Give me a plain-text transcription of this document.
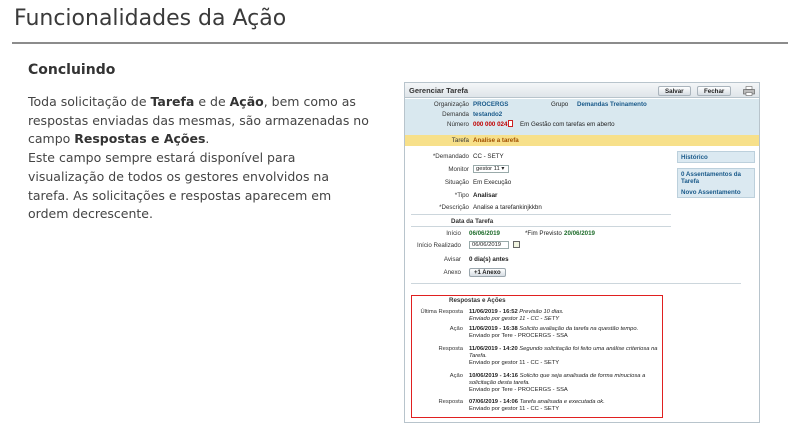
Funcionalidades da Ação
Concluindo
Toda solicitação de Tarefa e de Ação, bem como as respostas enviadas das mesmas, são armazenadas no campo Respostas e Ações.
Este campo sempre estará disponível para visualização de todos os gestores envolvidos na tarefa. As solicitações e respostas aparecem em ordem decrescente.
Gerenciar Tarefa	Salvar	Fechar
Organização PROCERGS	Grupo Demandas Treinamento
Demanda testando2
Número 000 000 024 Em Gestão com tarefas em aberto
Tarefa Analise a tarefa
*Demandado CC - SETY
Monitor	gestor 11 ▾
Situação Em Execução
*Tipo Analisar
*Descrição Analise a tarefankinjkkbn
Histórico
0 Assentamentos da Tarefa
Novo Assentamento
Data da Tarefa
Início 06/06/2019	*Fim Previsto 20/06/2019
Início Realizado	06/06/2019
Avisar 0 dia(s) antes
Anexo	+1 Anexo
Respostas e Ações
Última Resposta 11/06/2019 - 16:52 Previsão 10 dias.
Enviado por gestor 11 - CC - SETY
Ação 11/06/2019 - 16:38 Solicito avaliação da tarefa na questão tempo.
Enviado por Tere - PROCERGS - SSA
Resposta 11/06/2019 - 14:20 Segundo solicitação foi feito uma análise criteriosa na Tarefa.
Enviado por gestor 11 - CC - SETY
Ação 10/06/2019 - 14:16 Solicito que seja analisada de forma minuciosa a solicitação desta tarefa.
Enviado por Tere - PROCERGS - SSA
Resposta 07/06/2019 - 14:06 Tarefa analisada e executada ok.
Enviado por gestor 11 - CC - SETY
